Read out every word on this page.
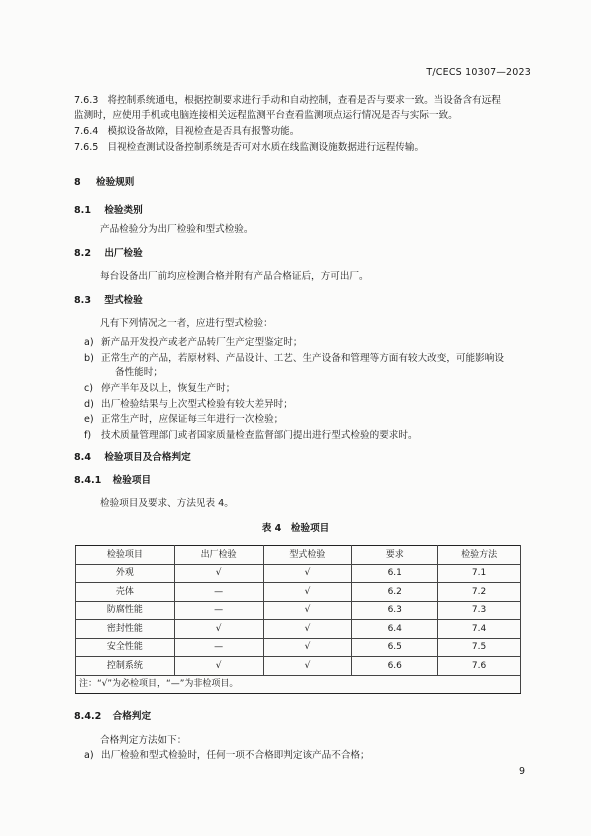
T/CECS 10307—2023
7.6.3 将控制系统通电，根据控制要求进行手动和自动控制，查看是否与要求一致。当设备含有远程
监测时，应使用手机或电脑连接相关远程监测平台查看监测项点运行情况是否与实际一致。
7.6.4 模拟设备故障，目视检查是否具有报警功能。
7.6.5 目视检查测试设备控制系统是否可对水质在线监测设施数据进行远程传输。
8 检验规则
8.1 检验类别
产品检验分为出厂检验和型式检验。
8.2 出厂检验
每台设备出厂前均应检测合格并附有产品合格证后，方可出厂。
8.3 型式检验
凡有下列情况之一者，应进行型式检验：
a) 新产品开发投产或老产品转厂生产定型鉴定时；
b) 正常生产的产品，若原材料、产品设计、工艺、生产设备和管理等方面有较大改变，可能影响设
备性能时；
c) 停产半年及以上，恢复生产时；
d) 出厂检验结果与上次型式检验有较大差异时；
e) 正常生产时，应保证每三年进行一次检验；
f) 技术质量管理部门或者国家质量检查监督部门提出进行型式检验的要求时。
8.4 检验项目及合格判定
8.4.1 检验项目
检验项目及要求、方法见表 4。
表 4　检验项目
检验项目	出厂检验	型式检验	要求	检验方法
外观	√	√	6.1	7.1
壳体	—	√	6.2	7.2
防腐性能	—	√	6.3	7.3
密封性能	√	√	6.4	7.4
安全性能	—	√	6.5	7.5
控制系统	√	√	6.6	7.6
注：“√”为必检项目，“—”为非检项目。				
8.4.2 合格判定
合格判定方法如下：
a) 出厂检验和型式检验时，任何一项不合格即判定该产品不合格；
9
